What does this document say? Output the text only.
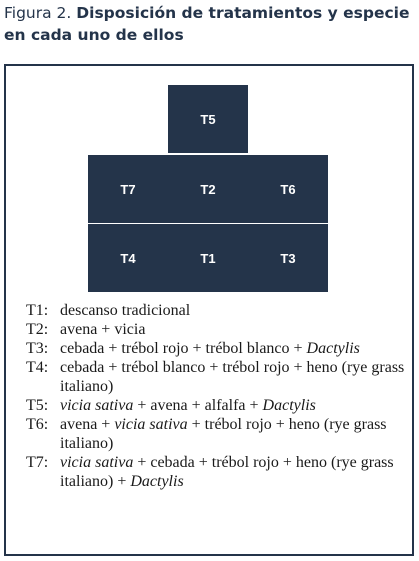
Figura 2. Disposición de tratamientos y especie
en cada uno de ellos
T5
T7	T2	T6
T4	T1	T3
T1: descanso tradicional
T2: avena + vicia
T3: cebada + trébol rojo + trébol blanco + Dactylis
T4: cebada + trébol blanco + trébol rojo + heno (rye grass italiano)
T5: vicia sativa + avena + alfalfa + Dactylis
T6: avena + vicia sativa + trébol rojo + heno (rye grass italiano)
T7: vicia sativa + cebada + trébol rojo + heno (rye grass italiano) + Dactylis
